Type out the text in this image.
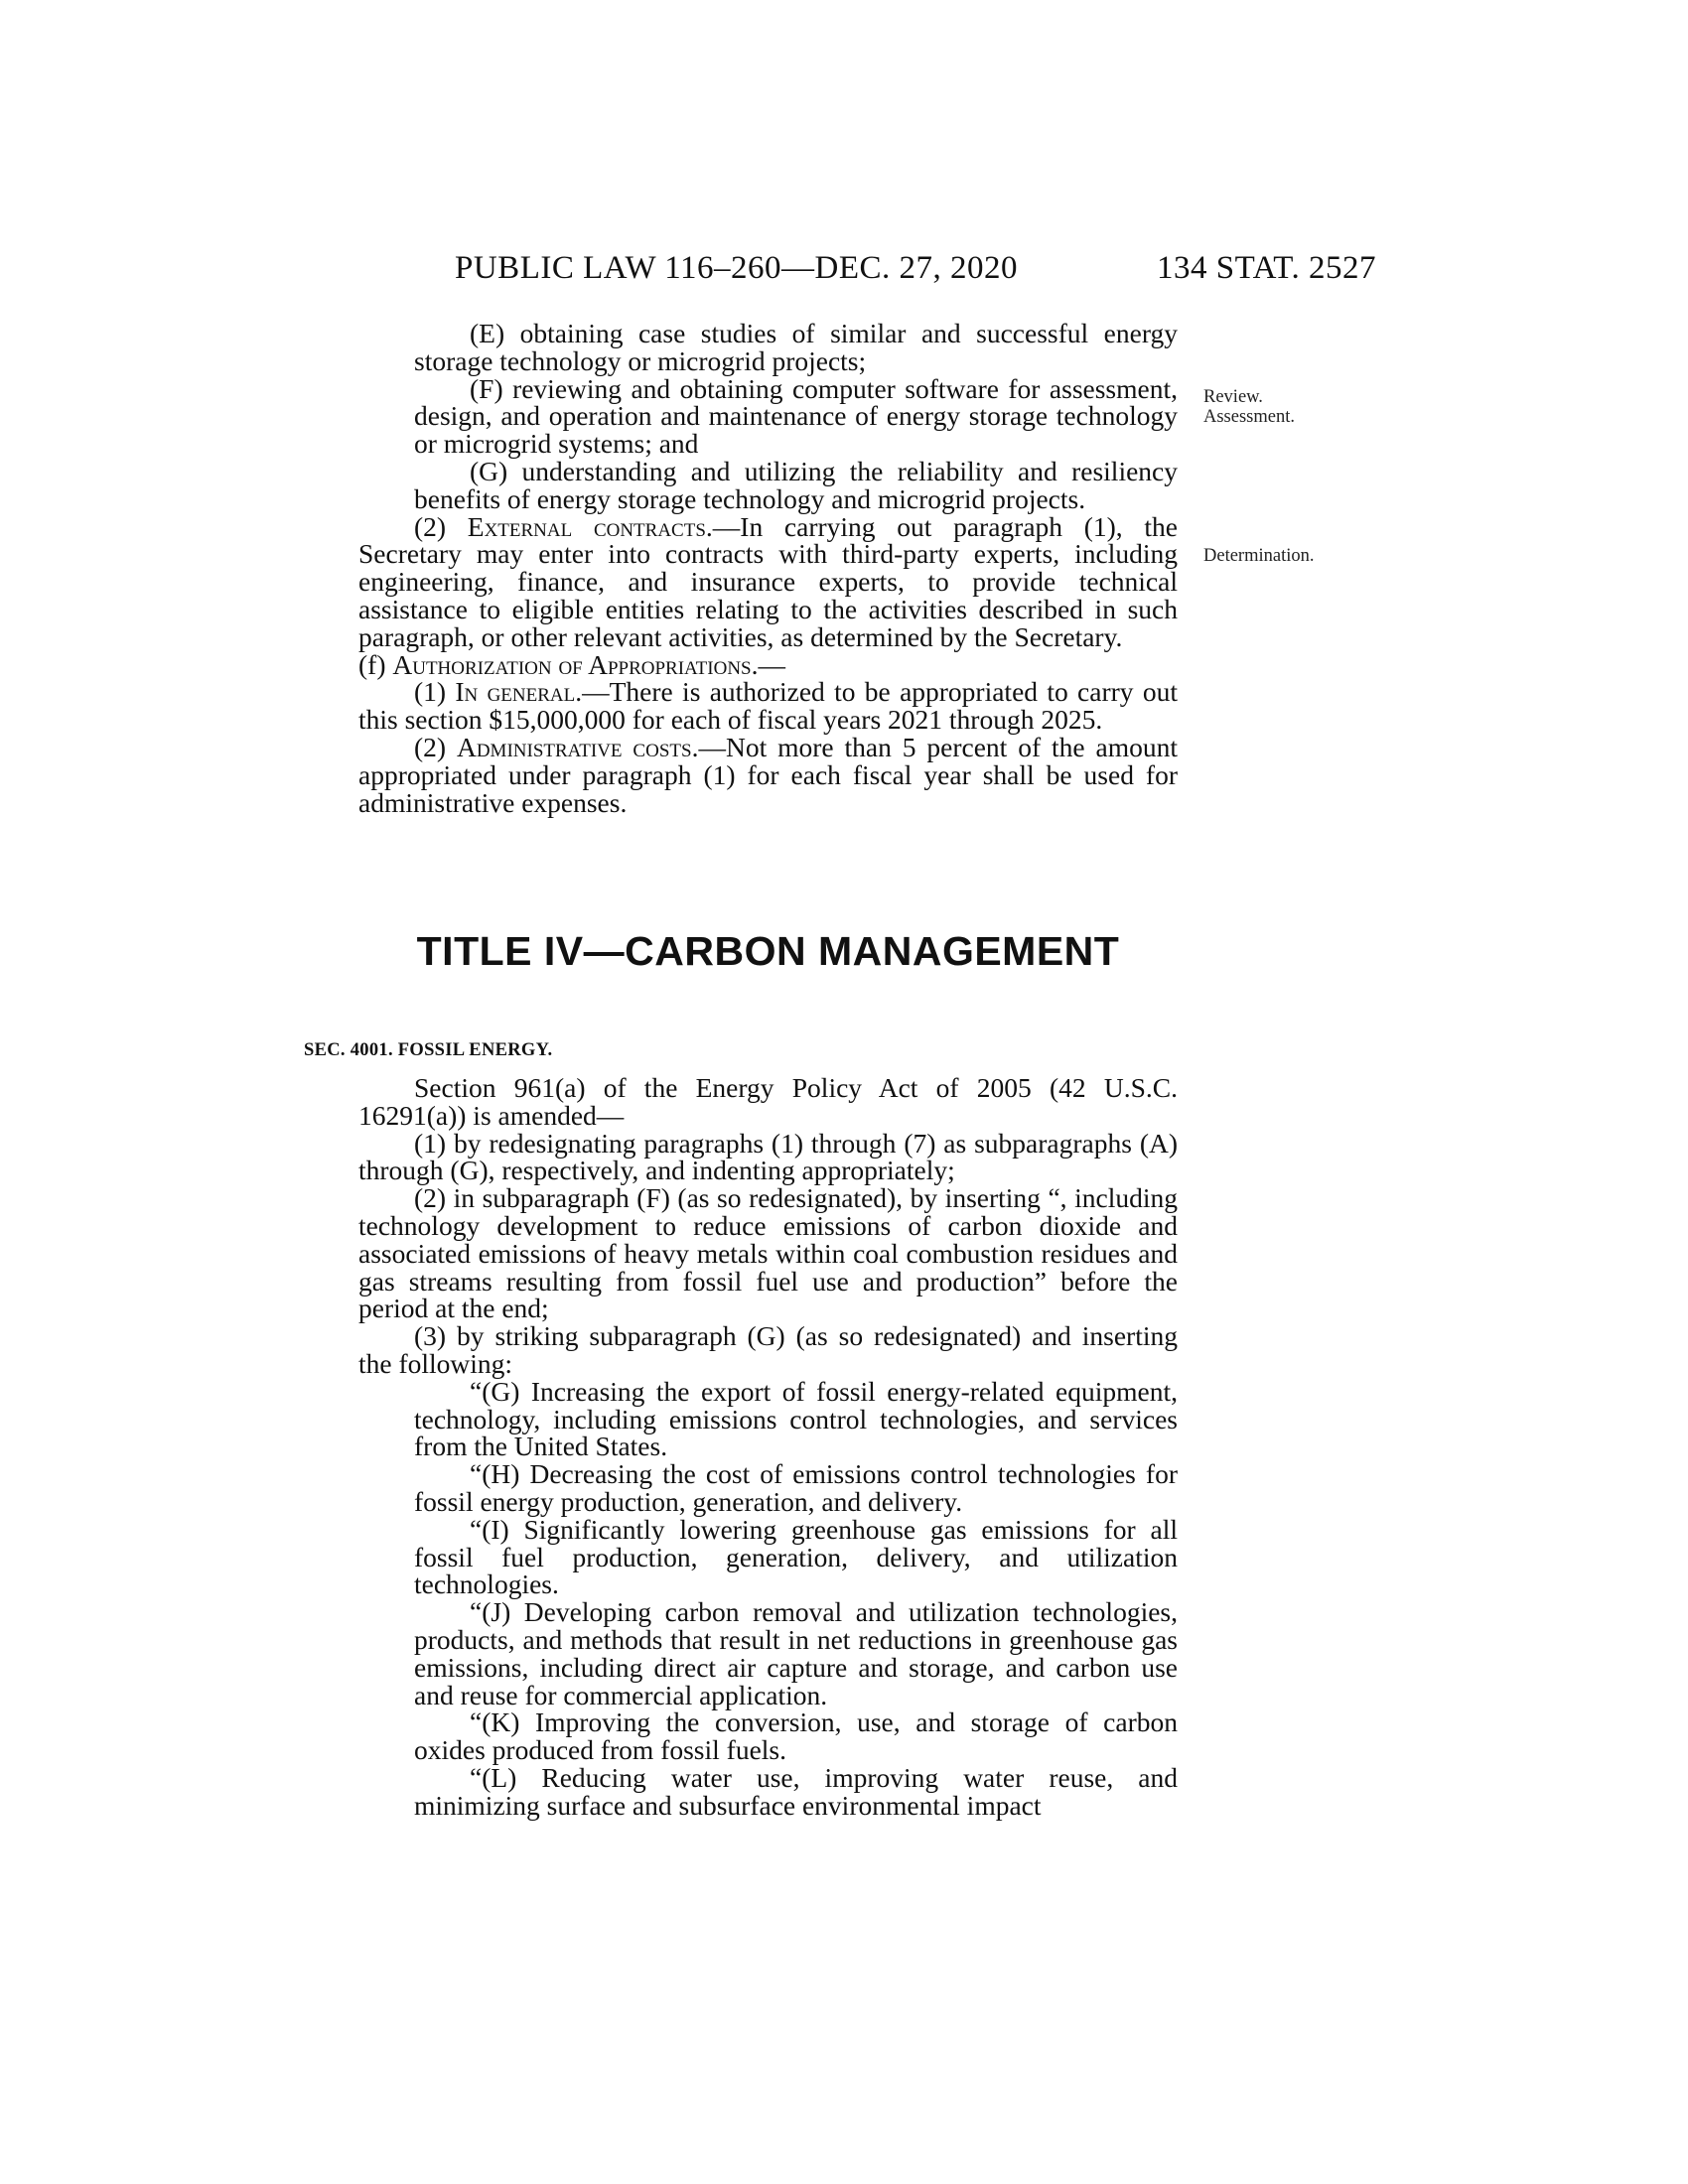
PUBLIC LAW 116–260—DEC. 27, 2020	134 STAT. 2527
Review.
Assessment.
Determination.

(E) obtaining case studies of similar and successful energy storage technology or microgrid projects;

(F) reviewing and obtaining computer software for assessment, design, and operation and maintenance of energy storage technology or microgrid systems; and

(G) understanding and utilizing the reliability and resiliency benefits of energy storage technology and microgrid projects.

(2) External contracts.—In carrying out paragraph (1), the Secretary may enter into contracts with third-party experts, including engineering, finance, and insurance experts, to provide technical assistance to eligible entities relating to the activities described in such paragraph, or other relevant activities, as determined by the Secretary.

(f) Authorization of Appropriations.—

(1) In general.—There is authorized to be appropriated to carry out this section $15,000,000 for each of fiscal years 2021 through 2025.

(2) Administrative costs.—Not more than 5 percent of the amount appropriated under paragraph (1) for each fiscal year shall be used for administrative expenses.

TITLE IV—CARBON MANAGEMENT
SEC. 4001. FOSSIL ENERGY.

Section 961(a) of the Energy Policy Act of 2005 (42 U.S.C. 16291(a)) is amended—

(1) by redesignating paragraphs (1) through (7) as subparagraphs (A) through (G), respectively, and indenting appropriately;

(2) in subparagraph (F) (as so redesignated), by inserting “, including technology development to reduce emissions of carbon dioxide and associated emissions of heavy metals within coal combustion residues and gas streams resulting from fossil fuel use and production” before the period at the end;

(3) by striking subparagraph (G) (as so redesignated) and inserting the following:

“(G) Increasing the export of fossil energy-related equipment, technology, including emissions control technologies, and services from the United States.

“(H) Decreasing the cost of emissions control technologies for fossil energy production, generation, and delivery.

“(I) Significantly lowering greenhouse gas emissions for all fossil fuel production, generation, delivery, and utilization technologies.

“(J) Developing carbon removal and utilization technologies, products, and methods that result in net reductions in greenhouse gas emissions, including direct air capture and storage, and carbon use and reuse for commercial application.

“(K) Improving the conversion, use, and storage of carbon oxides produced from fossil fuels.

“(L) Reducing water use, improving water reuse, and minimizing surface and subsurface environmental impact
